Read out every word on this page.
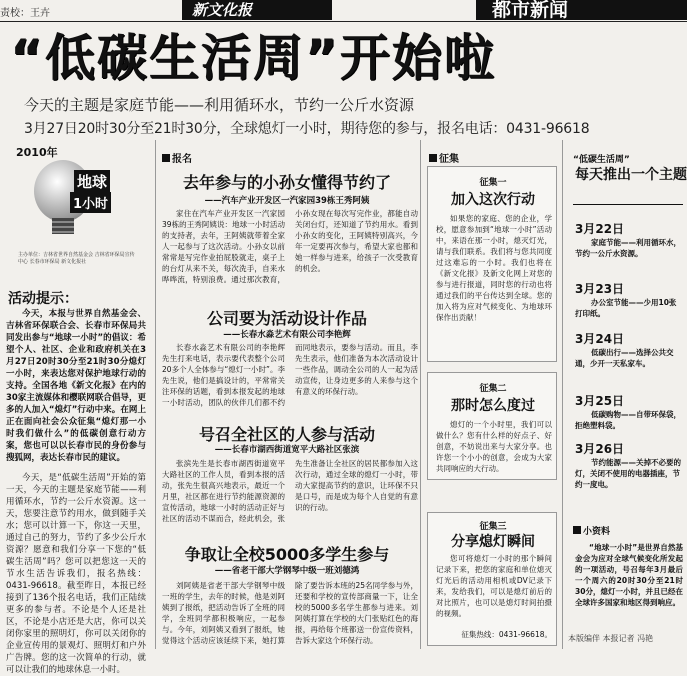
责校：王卉	新文化报	都市新闻
“低碳生活周”开始啦
今天的主题是家庭节能——利用循环水，节约一公斤水资源
3月27日20时30分至21时30分，全球熄灯一小时，期待您的参与，报名电话：0431-96618
2010年
地球
1小时
主办单位：吉林省世界自然基金会 吉林省环保局宣传中心 长春市环保局 新文化报社
活动提示：
今天，本报与世界自然基金会、吉林省环保联合会、长春市环保局共同发出参与“地球一小时”的倡议：希望个人、社区、企业和政府机关在3月27日20时30分至21时30分熄灯一小时，来表达您对保护地球行动的支持。全国各地《新文化报》在内的30家主流媒体和樱联网联合倡导，更多的人加入“熄灯”行动中来。在网上正在面向社会公众征集“熄灯那一小时我们做什么”的低碳创意行动方案，您也可以以长春市民的身份参与搜狐网，表达长春市民的建议。
今天，是“低碳生活周”开始的第一天，今天的主题是家庭节能——利用循环水，节约一公斤水资源。这一天，您要注意节约用水，做到随手关水；您可以计算一下，你这一天里，通过自己的努力，节约了多少公斤水资源？愿意和我们分享一下您的“低碳生活周”吗？您可以把您这一天的节水生活告诉我们，报名热线：0431-96618。截至昨日，本报已经接到了136个报名电话，我们正陆续更多的参与者。不论是个人还是社区，不论是小店还是大店，你可以关闭你家里的照明灯，你可以关闭你的企业宣传用的景观灯、照明灯和户外广告牌。您的这一次简单的行动，就可以让我们的地球休息一小时。
报名
去年参与的小孙女懂得节约了
——汽车产业开发区一汽家园39栋王秀阿姨
家住在汽车产业开发区一汽家园39栋的王秀阿姨说：地球一小时活动的支持者，去年，王阿姨就带着全家人一起参与了这次活动。小孙女以前常常是写完作业拍屁股就走，桌子上的台灯从来不关，每次洗手，自来水哗哗流，特别浪费。通过那次教育，小孙女现在每次写完作业，都能自动关闭台灯，还知道了节约用水。看到小孙女的变化，王阿姨特别高兴，今年一定要再次参与，希望大家也都和她一样参与进来，给孩子一次受教育的机会。
公司要为活动设计作品
——长春水淼艺术有限公司李艳辉
长春水淼艺术有限公司的李艳辉先生打来电话，表示要代表整个公司20多个人全体参与“熄灯一小时”。李先生说，他们是搞设计的，平常常关注环保的话题，看到本报发起的地球一小时活动，团队的伙伴几们都不约而同地表示，要参与活动。而且，李先生表示，他们准备为本次活动设计一些作品，调动全公司的人一起为活动宣传，让身边更多的人来参与这个有意义的环保行动。
号召全社区的人参与活动
——长春市湖西街道宽平大路社区张滨
张滨先生是长春市湖西街道宽平大路社区的工作人员，看到本报的活动，张先生很高兴地表示，最近一个月里，社区都在进行节约能源资源的宣传活动，地球一小时的活动正好与社区的活动不谋而合，经此机会，张先生准备让全社区的居民都参加入这次行动，通过全球的熄灯一小时，带动大家提高节约的意识，让环保不只是口号，而是成为每个人自觉的有意识的行动。
争取让全校5000多学生参与
——省老干部大学钢琴中级一班刘德鸿
刘阿姨是省老干部大学钢琴中级一班的学生，去年的时候，他是刘阿姨到了报纸，把活动告诉了全班的同学，全班同学都积极响应，一起参与。今年，刘阿姨又看到了报纸，她觉得这个活动应该延续下来，她打算除了要告诉本班的25名同学参与外，还要和学校的宣传部商量一下，让全校的5000多名学生都参与进来。刘阿姨打算在学校的大门张贴红色的海报，再给每个班都送一份宣传资料，告诉大家这个环保行动。
征集
征集一
加入这次行动
如果您的家庭、您的企业，学校，愿意参加到“地球一小时”活动中，来语在那一小时，熄灭灯光，请与我们联系。我们将与您共同度过这难忘的一小时。我们也将在《新文化报》及新文化网上对您的参与进行报道，同时您的行动也将通过我们的平台传达到全球。您的加入将为应对气候变化、为地球环保作出贡献！
征集二
那时怎么度过
熄灯的一个小时里，我们可以做什么？您有什么样的好点子、好创意，不妨说出来与大家分享。也许您一个小小的创意，会成为大家共同响应的大行动。
征集三
分享熄灯瞬间
您可将熄灯一小时的那个瞬间记录下来，把您的家庭和单位熄灭灯光后的活动用相机或DV记录下来，发给我们，可以是熄灯前后的对比照片，也可以是熄灯时间拍摄的视频。
征集热线：0431-96618。
“低碳生活周”
每天推出一个主题
3月22日
家庭节能——利用循环水，节约一公斤水资源。
3月23日
办公室节能——少用10张打印纸。
3月24日
低碳出行——选择公共交通，少开一天私家车。
3月25日
低碳购物——自带环保袋，拒绝塑料袋。
3月26日
节约能源——关掉不必要的灯，关闭不使用的电器插座，节约一度电。
小资料
“地球一小时”是世界自然基金会为应对全球气候变化所发起的一项活动，号召每年3月最后一个周六的20时30分至21时30分，熄灯一小时，并且已经在全球许多国家和地区得到响应。
本版编伴 本报记者 冯艳
